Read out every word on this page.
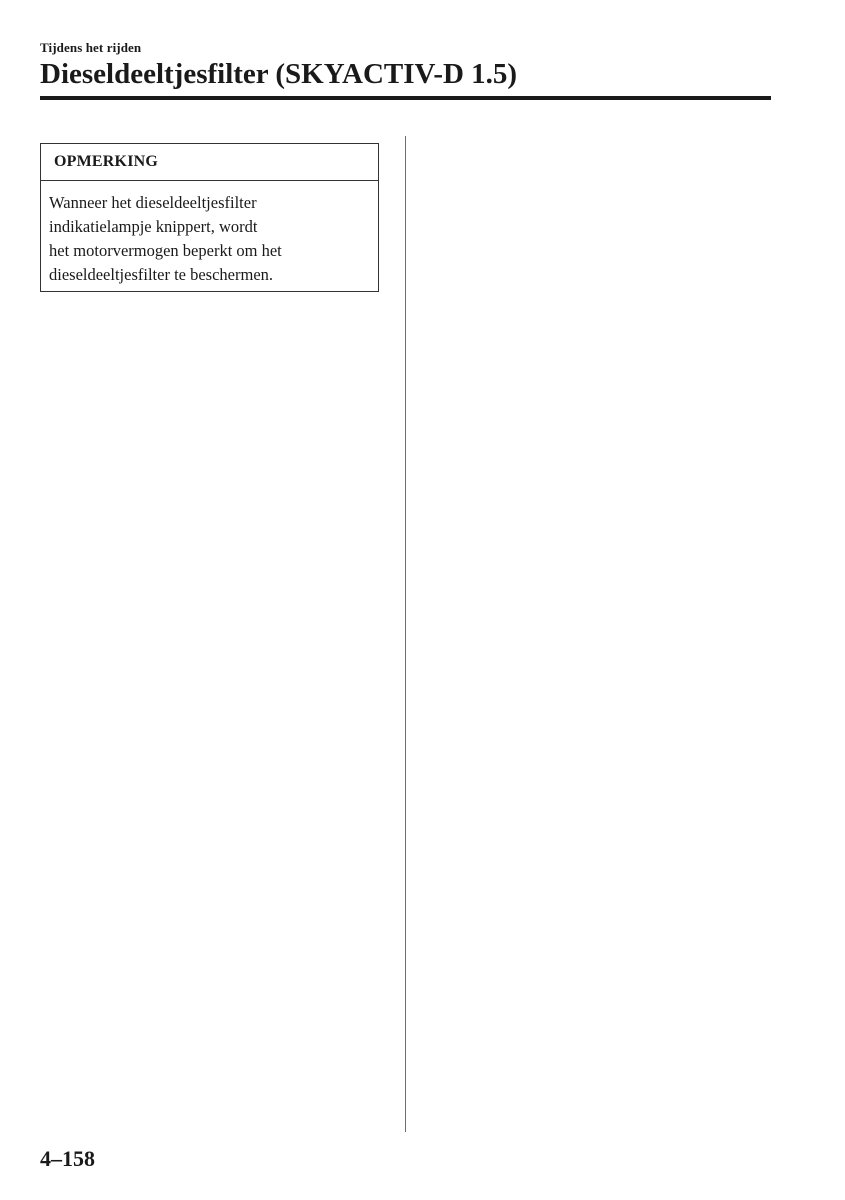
Tijdens het rijden
Dieseldeeltjesfilter (SKYACTIV-D 1.5)
OPMERKING
Wanneer het dieseldeeltjesfilter
indikatielampje knippert, wordt
het motorvermogen beperkt om het
dieseldeeltjesfilter te beschermen.
4–158
